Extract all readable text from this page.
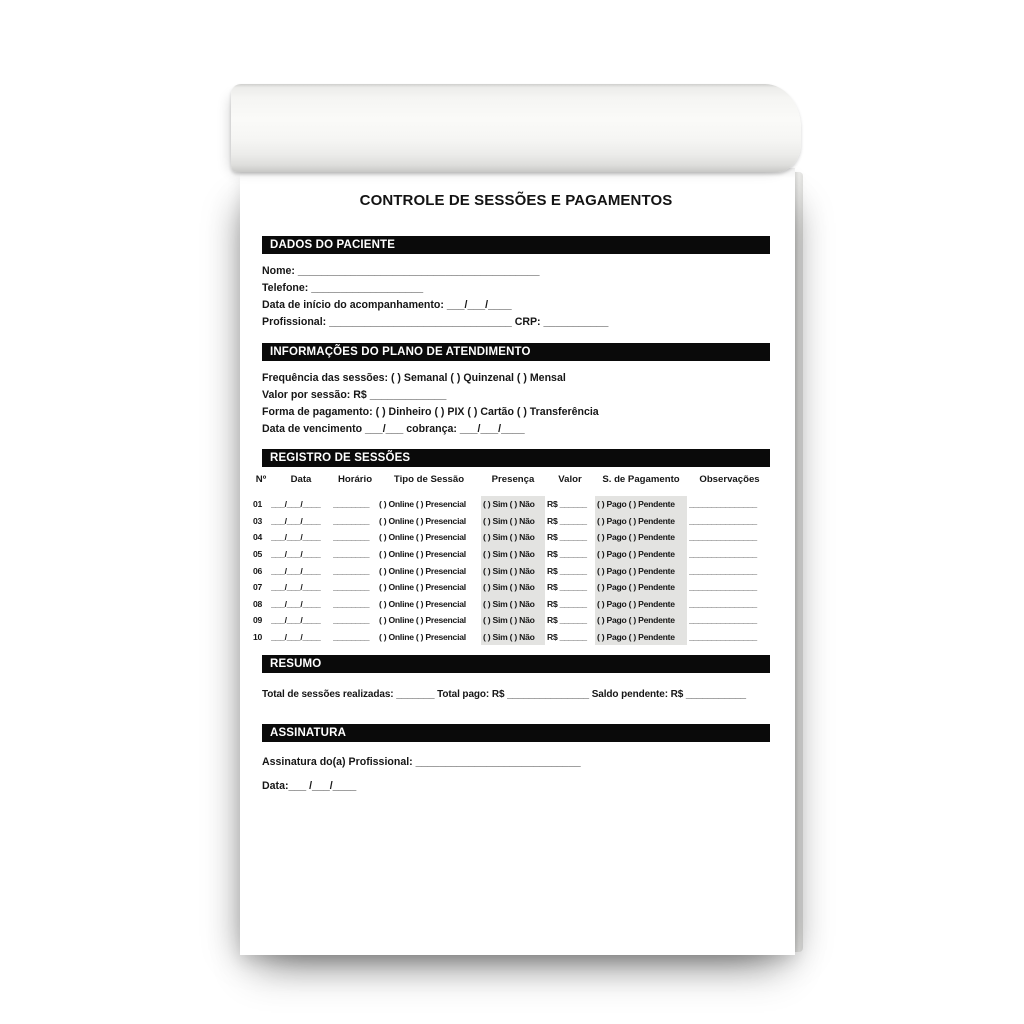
CONTROLE DE SESSÕES E PAGAMENTOS
DADOS DO PACIENTE
Nome: _________________________________________
Telefone: ___________________
Data de início do acompanhamento: ___/___/____
Profissional: _______________________________ CRP: ___________
INFORMAÇÕES DO PLANO DE ATENDIMENTO
Frequência das sessões: ( ) Semanal ( ) Quinzenal ( ) Mensal
Valor por sessão: R$ _____________
Forma de pagamento: ( ) Dinheiro ( ) PIX ( ) Cartão ( ) Transferência
Data de vencimento ___/___ cobrança: ___/___/____
REGISTRO DE SESSÕES
Nº	Data	Horário	Tipo de Sessão	Presença	Valor	S. de Pagamento	Observações
01	___/___/____	________	( ) Online ( ) Presencial	( ) Sim ( ) Não	R$ ______	( ) Pago ( ) Pendente	_______________
03	___/___/____	________	( ) Online ( ) Presencial	( ) Sim ( ) Não	R$ ______	( ) Pago ( ) Pendente	_______________
04	___/___/____	________	( ) Online ( ) Presencial	( ) Sim ( ) Não	R$ ______	( ) Pago ( ) Pendente	_______________
05	___/___/____	________	( ) Online ( ) Presencial	( ) Sim ( ) Não	R$ ______	( ) Pago ( ) Pendente	_______________
06	___/___/____	________	( ) Online ( ) Presencial	( ) Sim ( ) Não	R$ ______	( ) Pago ( ) Pendente	_______________
07	___/___/____	________	( ) Online ( ) Presencial	( ) Sim ( ) Não	R$ ______	( ) Pago ( ) Pendente	_______________
08	___/___/____	________	( ) Online ( ) Presencial	( ) Sim ( ) Não	R$ ______	( ) Pago ( ) Pendente	_______________
09	___/___/____	________	( ) Online ( ) Presencial	( ) Sim ( ) Não	R$ ______	( ) Pago ( ) Pendente	_______________
10	___/___/____	________	( ) Online ( ) Presencial	( ) Sim ( ) Não	R$ ______	( ) Pago ( ) Pendente	_______________
RESUMO
Total de sessões realizadas: _______ Total pago: R$ _______________ Saldo pendente: R$ ___________
ASSINATURA
Assinatura do(a) Profissional: ____________________________
Data:___ /___/____
